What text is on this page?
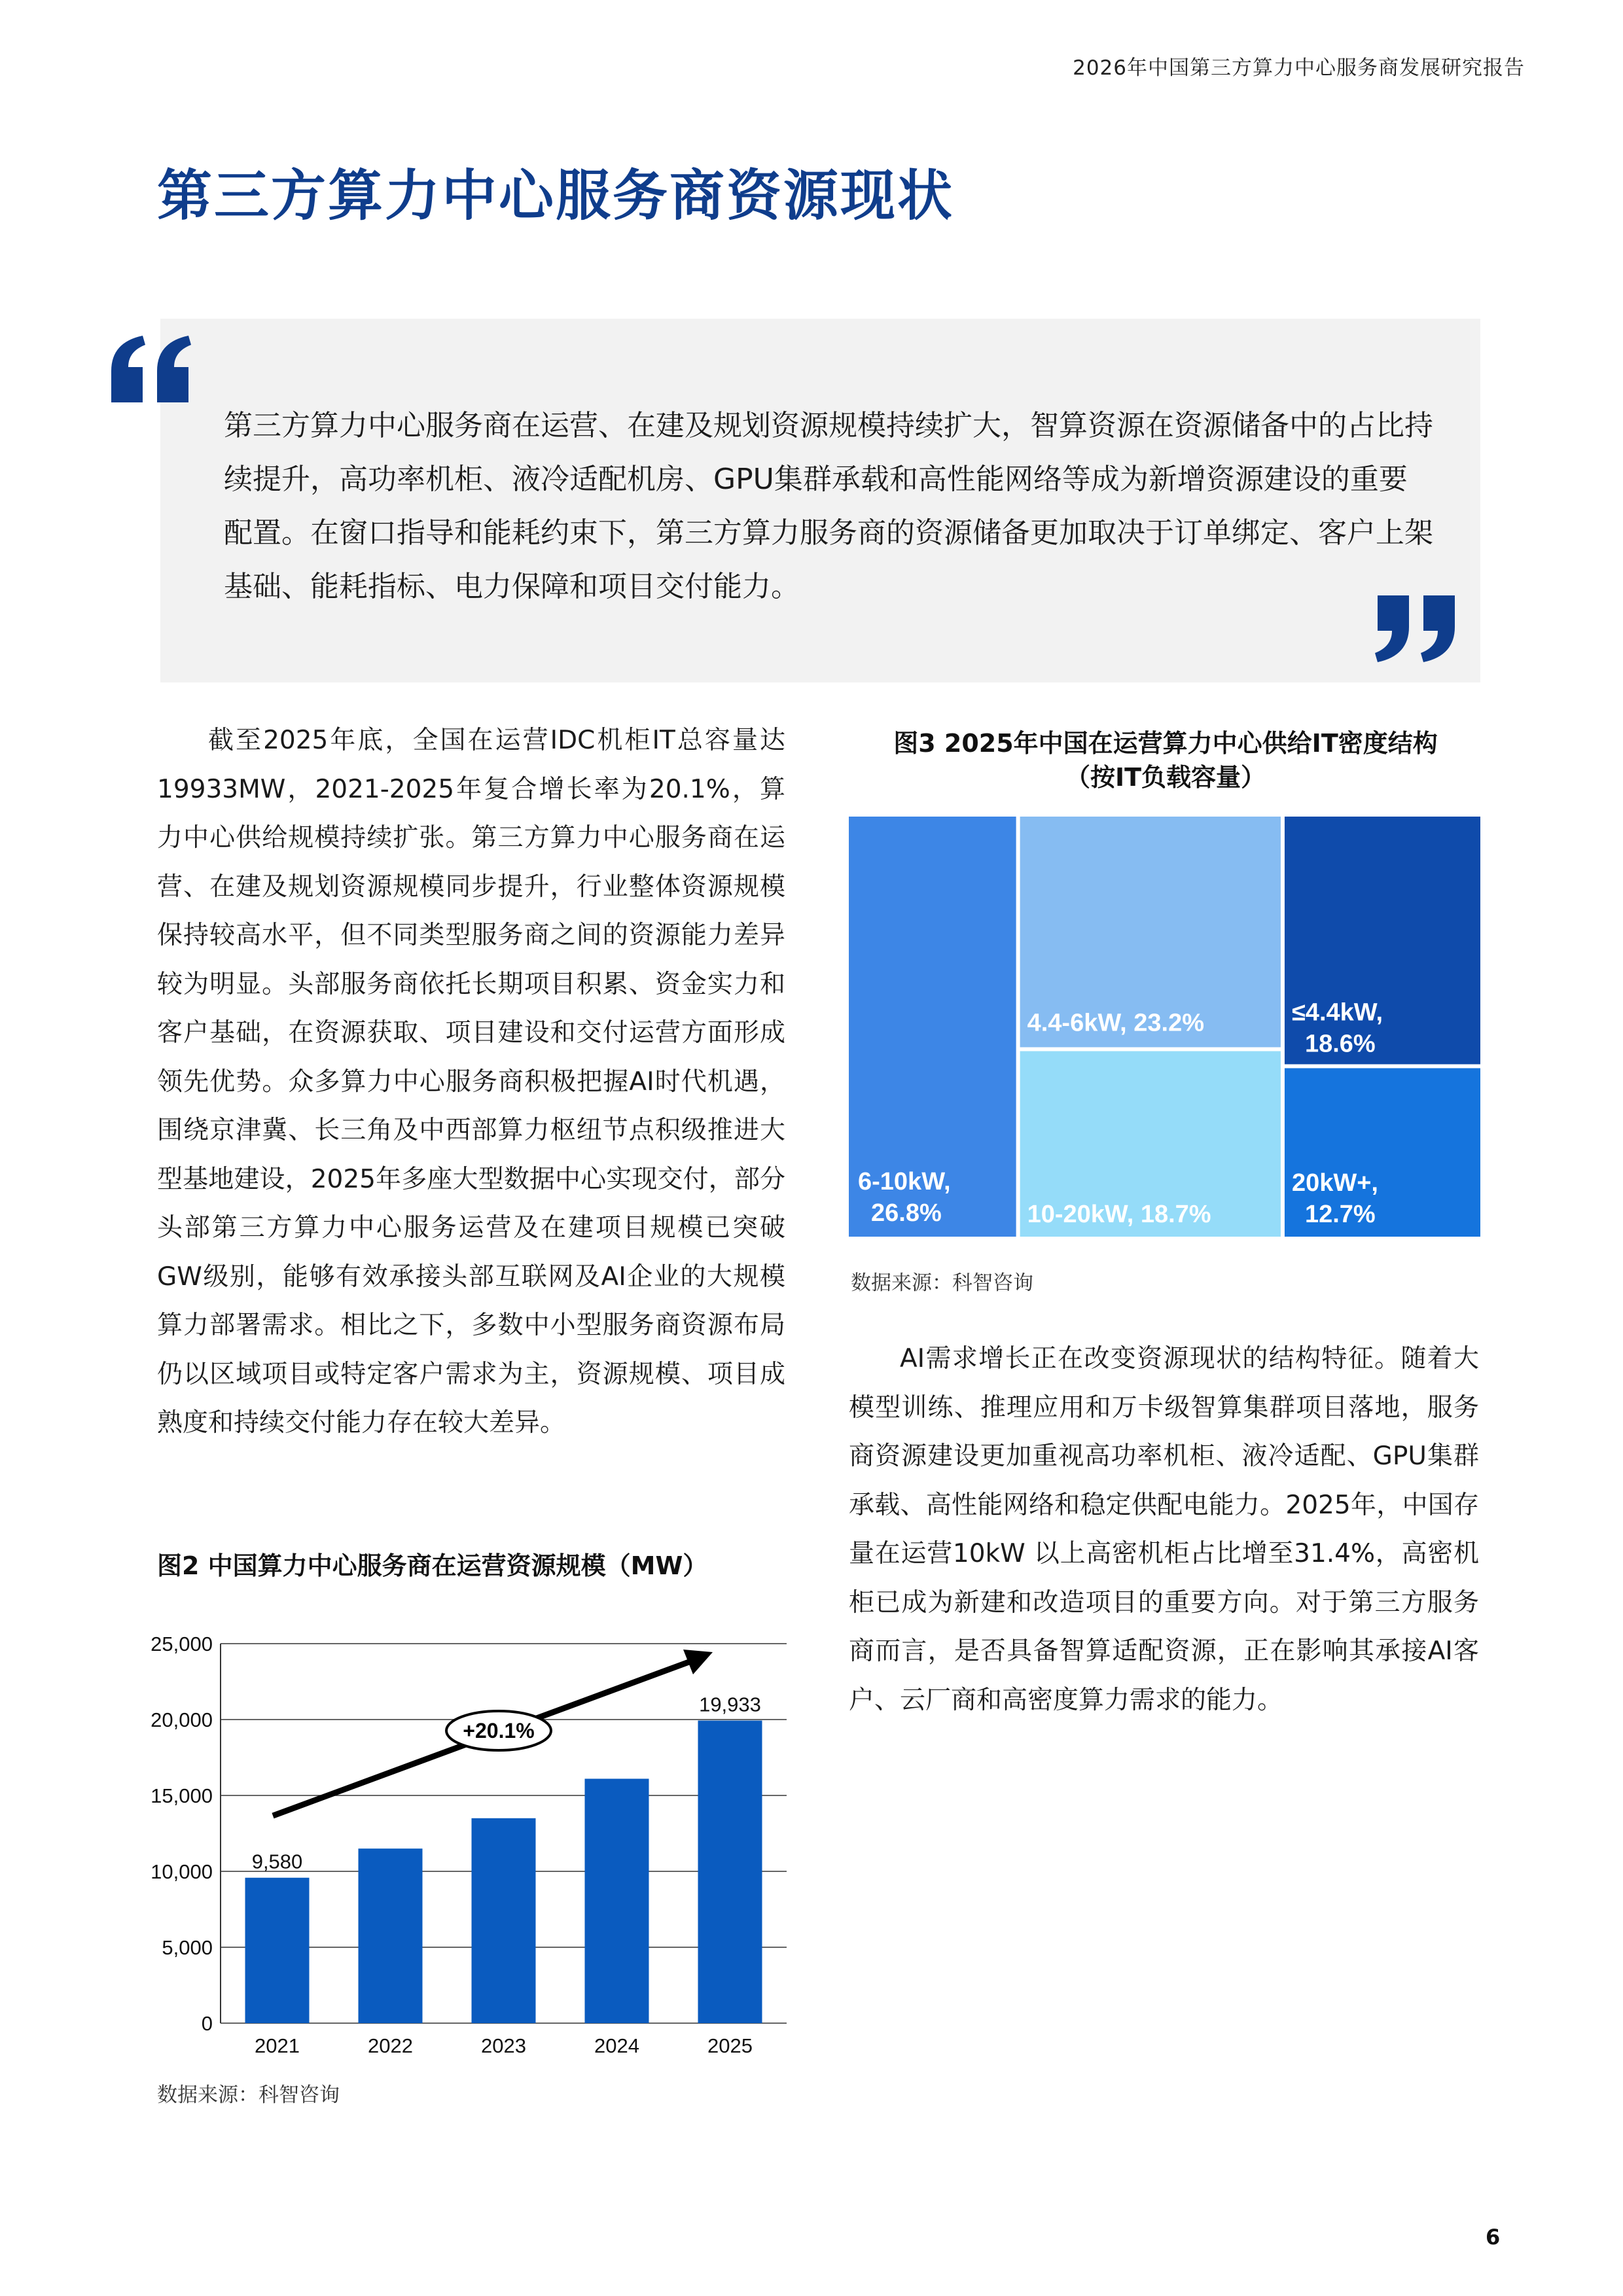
2026年中国第三方算力中心服务商发展研究报告
第三方算力中心服务商资源现状
第三方算力中心服务商在运营、在建及规划资源规模持续扩大，智算资源在资源储备中的占比持续提升，高功率机柜、液冷适配机房、GPU集群承载和高性能网络等成为新增资源建设的重要配置。在窗口指导和能耗约束下，第三方算力服务商的资源储备更加取决于订单绑定、客户上架基础、能耗指标、电力保障和项目交付能力。
截至2025年底，全国在运营IDC机柜IT总容量达19933MW，2021-2025年复合增长率为20.1%，算力中心供给规模持续扩张。第三方算力中心服务商在运营、在建及规划资源规模同步提升，行业整体资源规模保持较高水平，但不同类型服务商之间的资源能力差异较为明显。头部服务商依托长期项目积累、资金实力和客户基础，在资源获取、项目建设和交付运营方面形成领先优势。众多算力中心服务商积极把握AI时代机遇，围绕京津冀、长三角及中西部算力枢纽节点积级推进大型基地建设，2025年多座大型数据中心实现交付，部分头部第三方算力中心服务运营及在建项目规模已突破GW级别，能够有效承接头部互联网及AI企业的大规模算力部署需求。相比之下，多数中小型服务商资源布局仍以区域项目或特定客户需求为主，资源规模、项目成熟度和持续交付能力存在较大差异。
图3 2025年中国在运营算力中心供给IT密度结构
（按IT负载容量）
6-10kW,
26.8%
4.4-6kW, 23.2%
10-20kW, 18.7%
≤4.4kW,
18.6%
20kW+,
12.7%
数据来源：科智咨询
AI需求增长正在改变资源现状的结构特征。随着大模型训练、推理应用和万卡级智算集群项目落地，服务商资源建设更加重视高功率机柜、液冷适配、GPU集群承载、高性能网络和稳定供配电能力。2025年，中国存量在运营10kW 以上高密机柜占比增至31.4%，高密机柜已成为新建和改造项目的重要方向。对于第三方服务商而言，是否具备智算适配资源，正在影响其承接AI客户、云厂商和高密度算力需求的能力。
图2 中国算力中心服务商在运营资源规模（MW）
0
5,000
10,000
15,000
20,000
25,000
2021
9,580
2022	2023	2024	2025
19,933
+20.1%
数据来源：科智咨询
6
